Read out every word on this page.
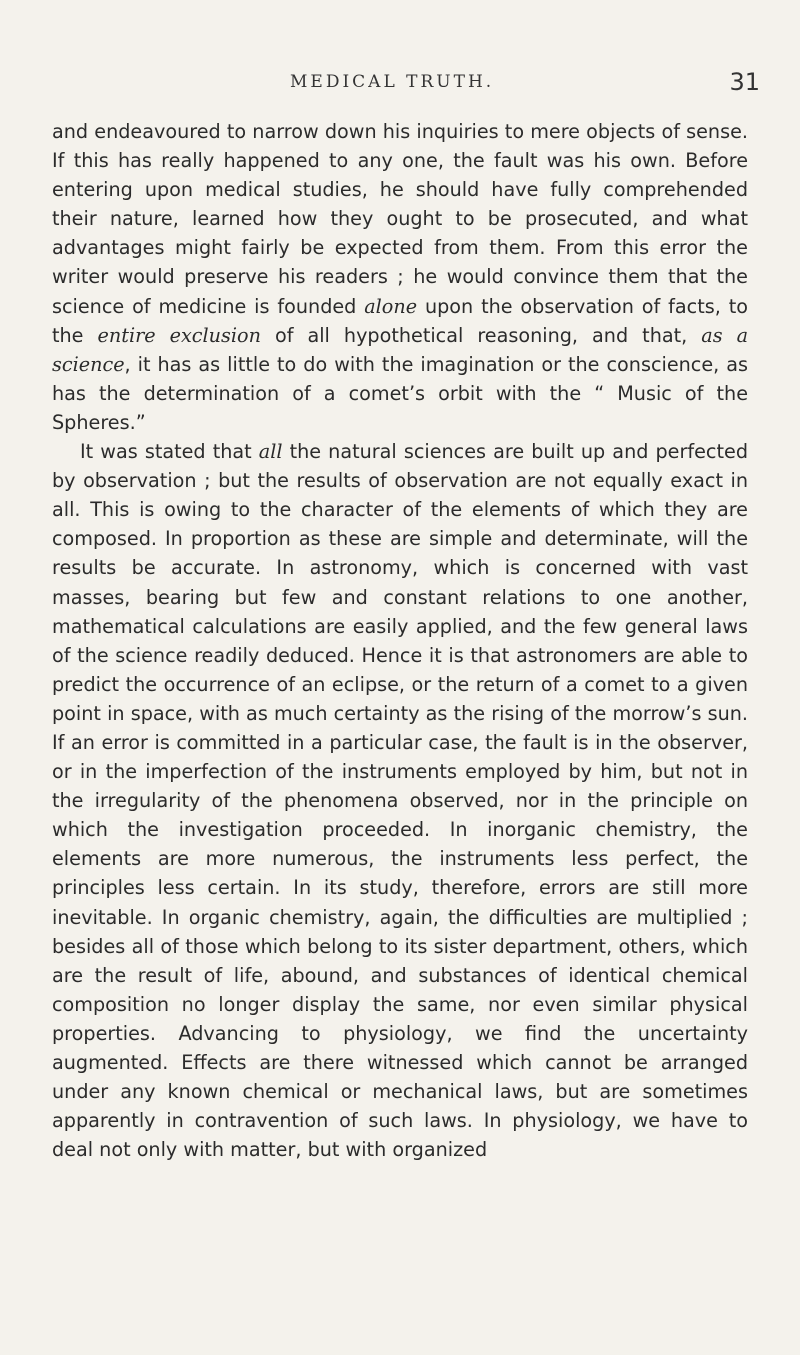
MEDICAL TRUTH.	31

and endeavoured to narrow down his inquiries to mere objects of sense. If this has really happened to any one, the fault was his own. Before entering upon medical studies, he should have fully comprehended their nature, learned how they ought to be prosecuted, and what advantages might fairly be expected from them. From this error the writer would preserve his readers ; he would convince them that the science of medicine is founded alone upon the observation of facts, to the entire exclusion of all hypothetical reasoning, and that, as a science, it has as little to do with the imagination or the conscience, as has the determination of a comet’s orbit with the “ Music of the Spheres.”

It was stated that all the natural sciences are built up and perfected by observation ; but the results of observation are not equally exact in all. This is owing to the character of the elements of which they are composed. In proportion as these are simple and determinate, will the results be accurate. In astronomy, which is concerned with vast masses, bearing but few and constant relations to one another, mathematical calculations are easily applied, and the few general laws of the science readily deduced. Hence it is that astronomers are able to predict the occurrence of an eclipse, or the return of a comet to a given point in space, with as much certainty as the rising of the morrow’s sun. If an error is committed in a particular case, the fault is in the observer, or in the imperfection of the instruments employed by him, but not in the irregularity of the phenomena observed, nor in the principle on which the investigation proceeded. In inorganic chemistry, the elements are more numerous, the instruments less perfect, the principles less certain. In its study, therefore, errors are still more inevitable. In organic chemistry, again, the difficulties are multiplied ; besides all of those which belong to its sister department, others, which are the result of life, abound, and substances of identical chemical composition no longer display the same, nor even similar physical properties. Advancing to physiology, we find the uncertainty augmented. Effects are there witnessed which cannot be arranged under any known chemical or mechanical laws, but are sometimes apparently in contravention of such laws. In physiology, we have to deal not only with matter, but with organized
